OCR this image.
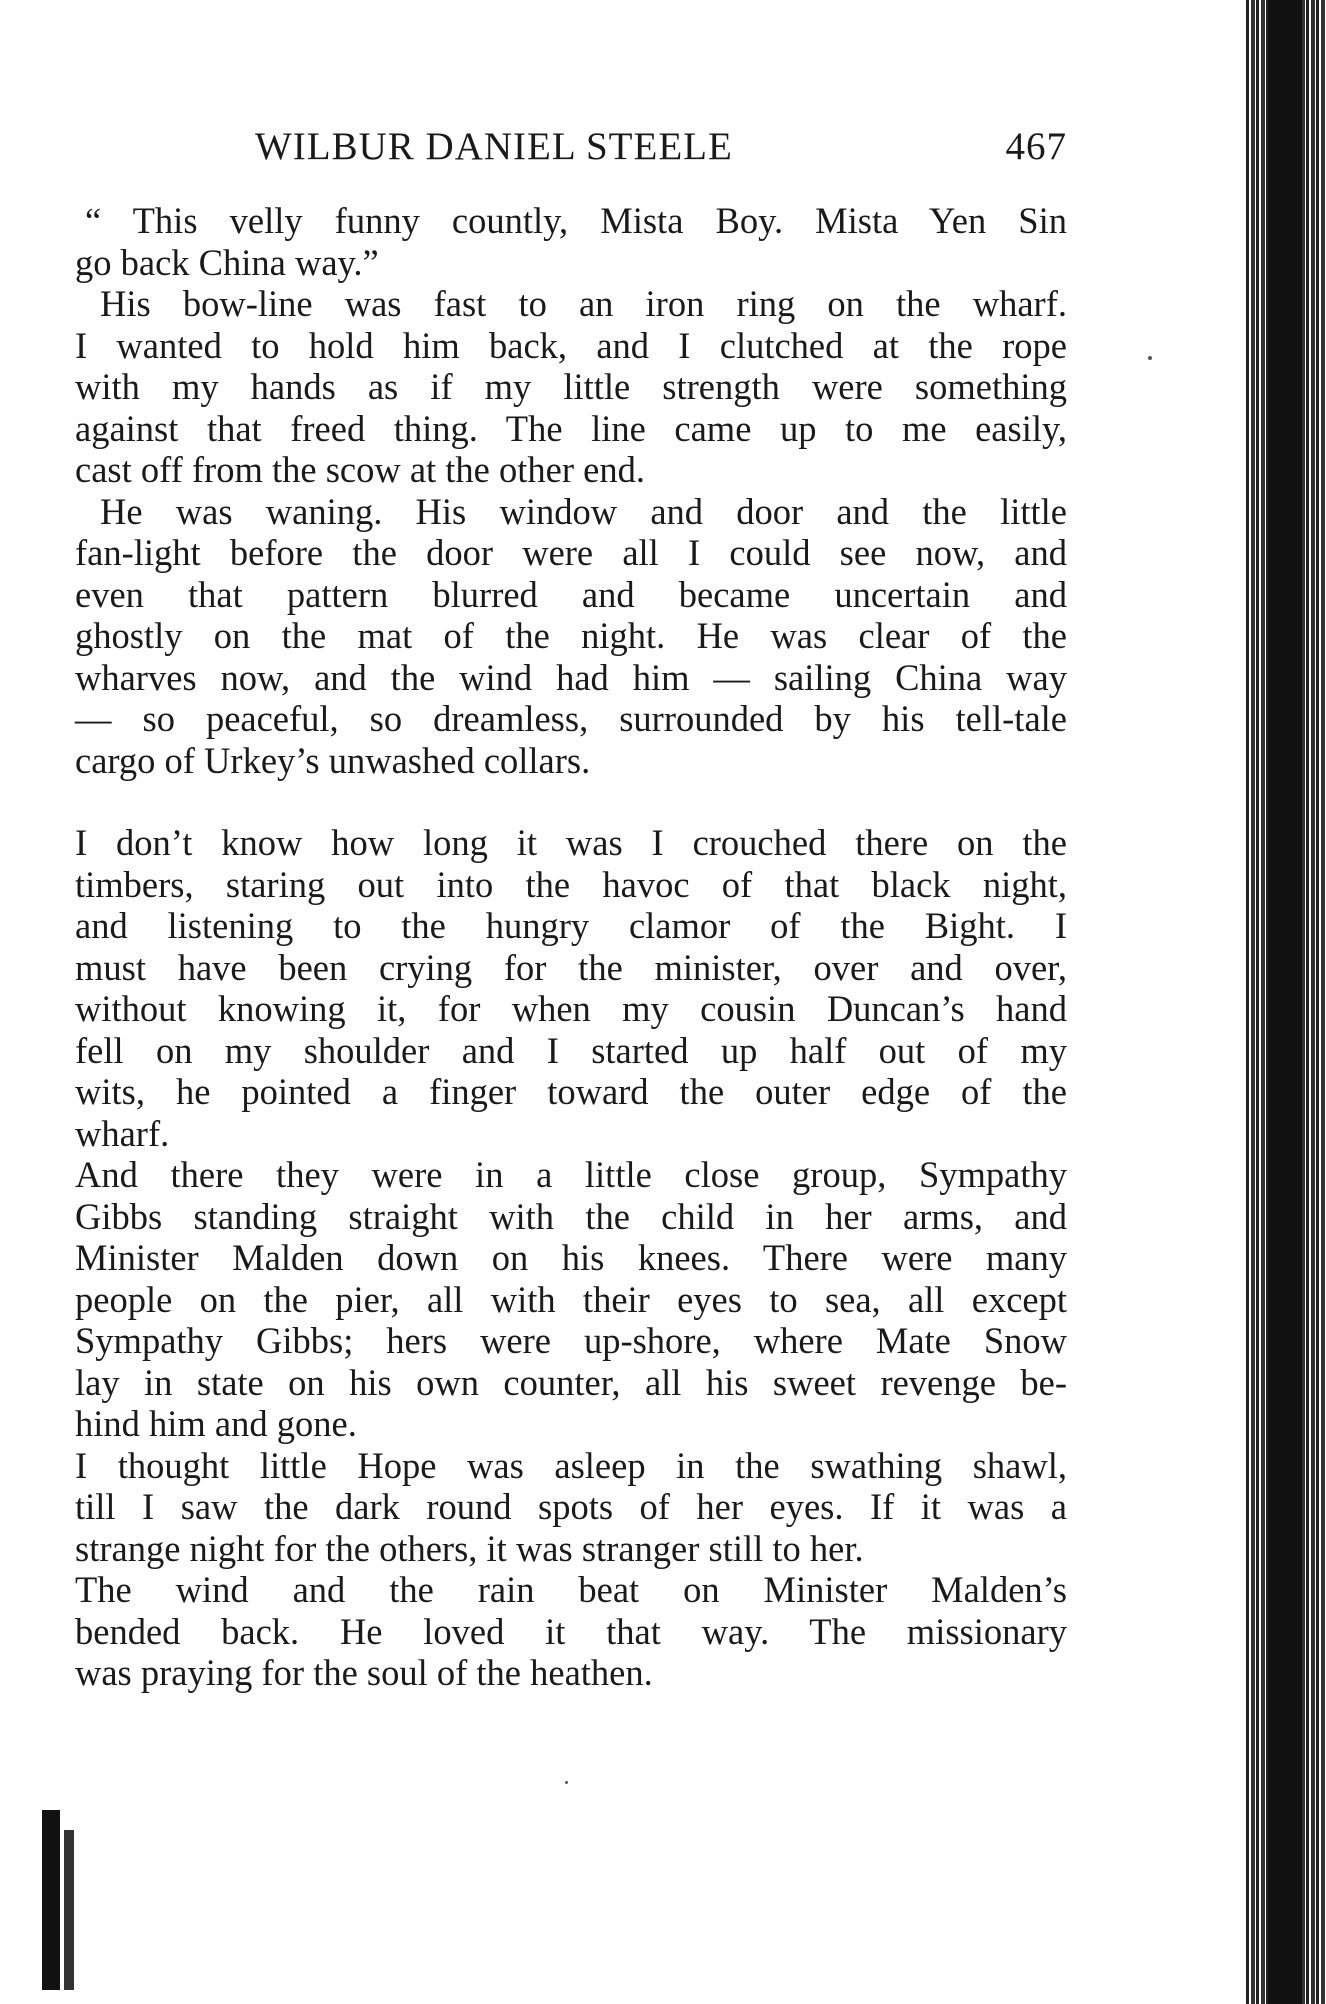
WILBUR DANIEL STEELE	467
“ This velly funny countly, Mista Boy. Mista Yen Sin
go back China way.”
His bow-line was fast to an iron ring on the wharf.
I wanted to hold him back, and I clutched at the rope
with my hands as if my little strength were something
against that freed thing. The line came up to me easily,
cast off from the scow at the other end.
He was waning. His window and door and the little
fan-light before the door were all I could see now, and
even that pattern blurred and became uncertain and
ghostly on the mat of the night. He was clear of the
wharves now, and the wind had him — sailing China way
— so peaceful, so dreamless, surrounded by his tell-tale
cargo of Urkey’s unwashed collars.
I don’t know how long it was I crouched there on the
timbers, staring out into the havoc of that black night,
and listening to the hungry clamor of the Bight. I
must have been crying for the minister, over and over,
without knowing it, for when my cousin Duncan’s hand
fell on my shoulder and I started up half out of my
wits, he pointed a finger toward the outer edge of the
wharf.
And there they were in a little close group, Sympathy
Gibbs standing straight with the child in her arms, and
Minister Malden down on his knees. There were many
people on the pier, all with their eyes to sea, all except
Sympathy Gibbs; hers were up-shore, where Mate Snow
lay in state on his own counter, all his sweet revenge be-
hind him and gone.
I thought little Hope was asleep in the swathing shawl,
till I saw the dark round spots of her eyes. If it was a
strange night for the others, it was stranger still to her.
The wind and the rain beat on Minister Malden’s
bended back. He loved it that way. The missionary
was praying for the soul of the heathen.
